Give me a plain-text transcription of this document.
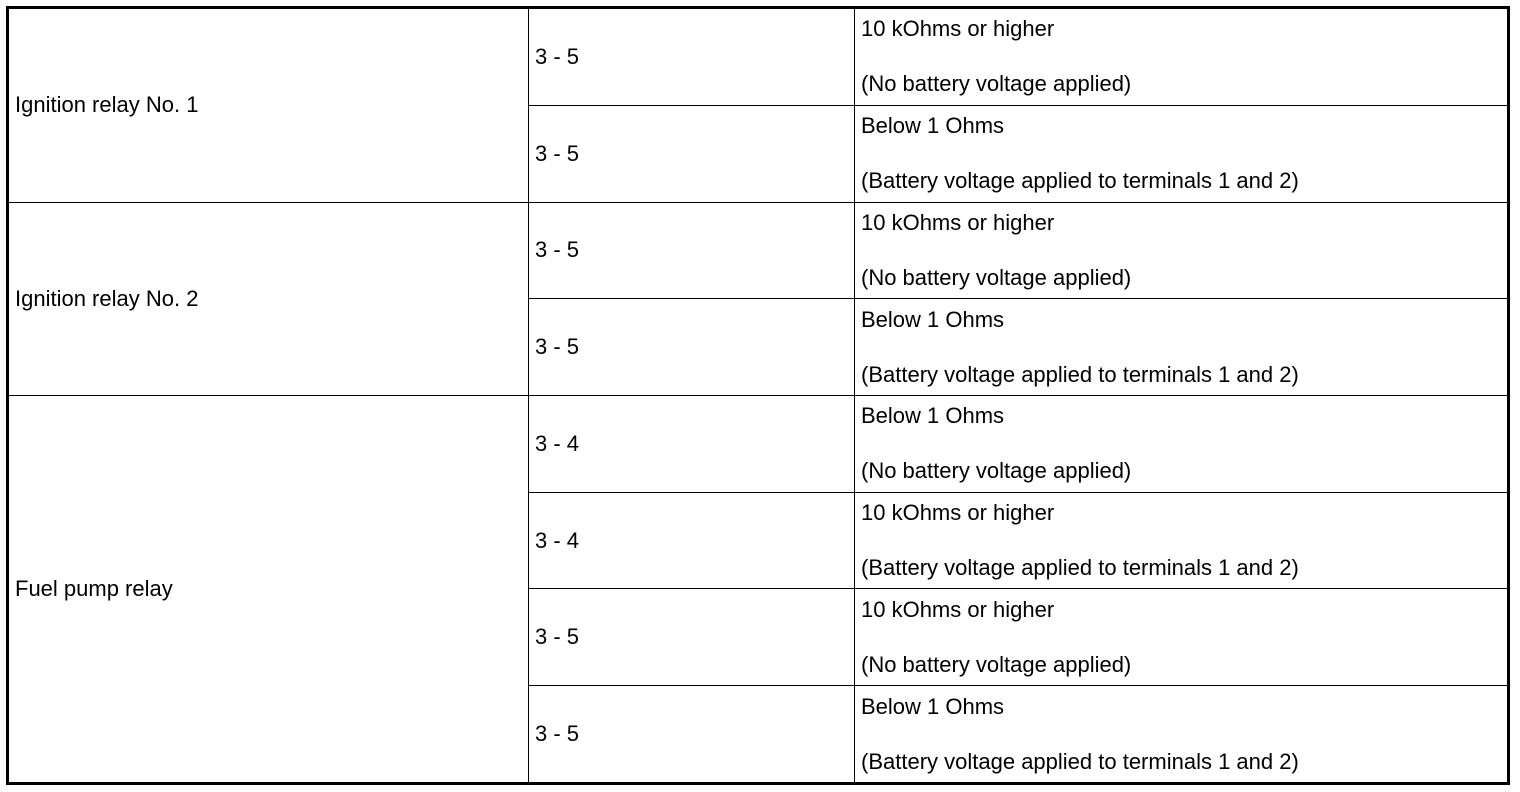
Ignition relay No. 1	3 - 5	10 kOhms or higher
(No battery voltage applied)

	3 - 5	Below 1 Ohms
(Battery voltage applied to terminals 1 and 2)

Ignition relay No. 2	3 - 5	10 kOhms or higher
(No battery voltage applied)

	3 - 5	Below 1 Ohms
(Battery voltage applied to terminals 1 and 2)

Fuel pump relay	3 - 4	Below 1 Ohms
(No battery voltage applied)

	3 - 4	10 kOhms or higher
(Battery voltage applied to terminals 1 and 2)

	3 - 5	10 kOhms or higher
(No battery voltage applied)

	3 - 5	Below 1 Ohms
(Battery voltage applied to terminals 1 and 2)
